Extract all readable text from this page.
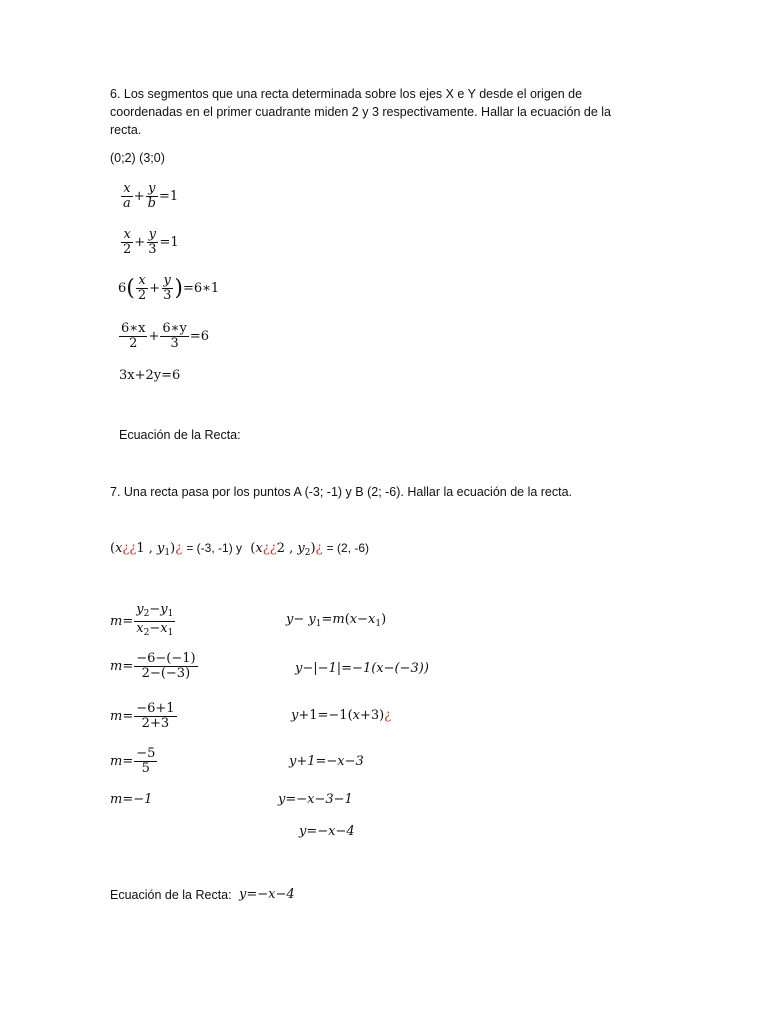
6. Los segmentos que una recta determinada sobre los ejes X e Y desde el origen de
coordenadas en el primer cuadrante miden 2 y 3 respectivamente. Hallar la ecuación de la
recta.
(0;2) (3;0)
$\frac{x}{a} + \frac{y}{b} =1$
$\frac{x}{2} + \frac{y}{3} =1$
$6( \frac{x}{2} + \frac{y}{3}$ )=6∗1
$\frac{6∗x}{2} + \frac{6∗y}{3} =6$
3x+2y=6
Ecuación de la Recta:
7. Una recta pasa por los puntos A (-3; -1) y B (2; -6). Hallar la ecuación de la recta.
(x¿¿1 , $y_1)¿ = (-3$, -1) y  (x¿¿2 , $y_2)¿ = (2$, -6)
$m= \frac{y_2-y_1}{x_2-x_1}$
$m= \frac{-6-(-1)}{2-(-3)}$
$m= \frac{-6+1}{2+3}$
$m= \frac{-5}{5}$
m=−1
$y- y_1=m(x-x_1)$
y−|−1|=−1(x−(−3))
y+1=−1(x+3)¿
y+1=−x−3
y=−x−3−1
y=−x−4
Ecuación de la Recta: y=−x−4
